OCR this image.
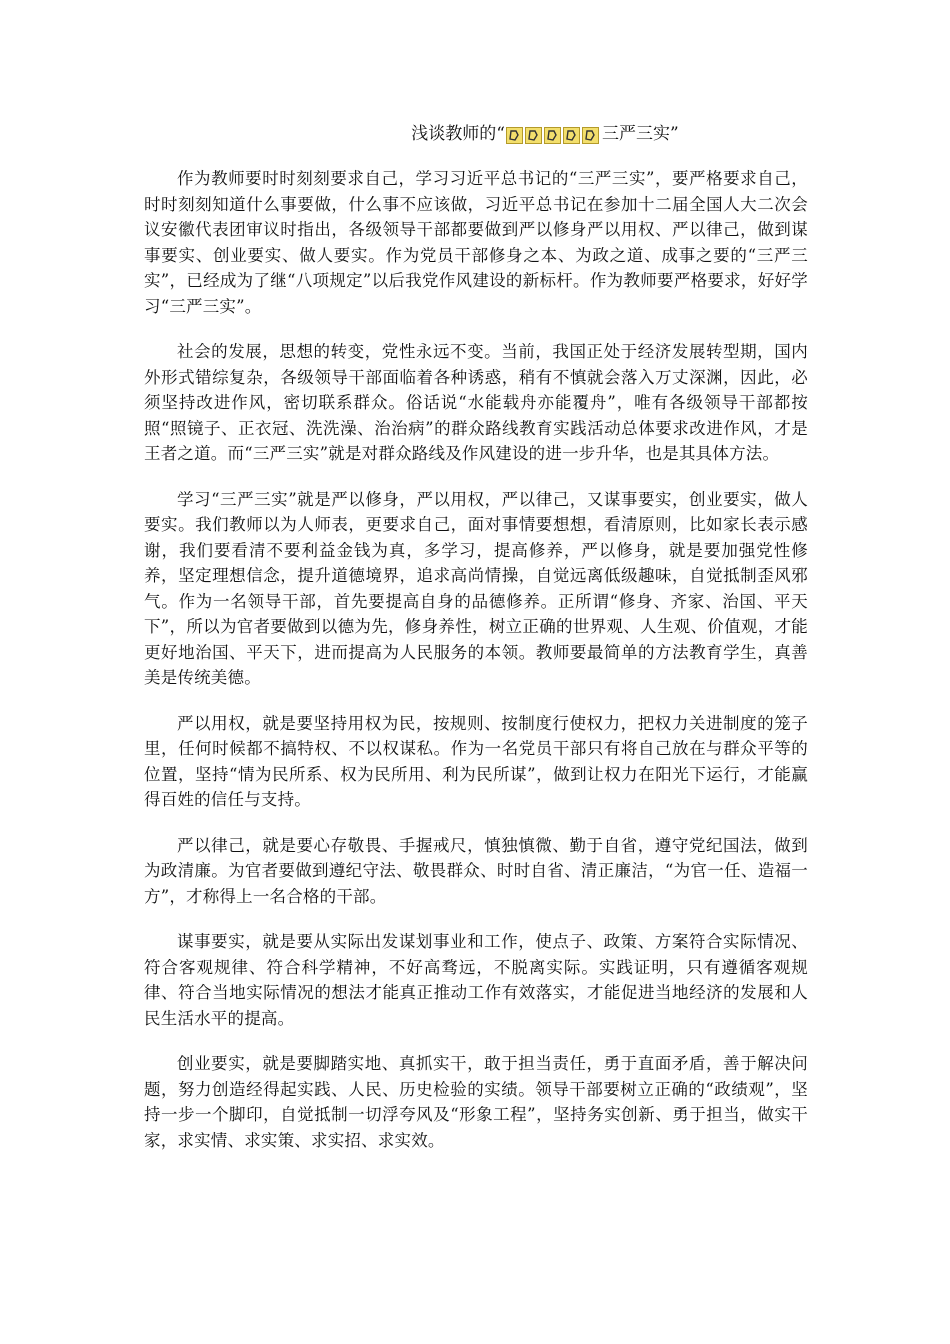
浅谈教师的“	三严三实”

作为教师要时时刻刻要求自己，学习习近平总书记的“三严三实”，要严格要求自己，时时刻刻知道什么事要做，什么事不应该做，习近平总书记在参加十二届全国人大二次会议安徽代表团审议时指出，各级领导干部都要做到严以修身严以用权、严以律己，做到谋事要实、创业要实、做人要实。作为党员干部修身之本、为政之道、成事之要的“三严三实”，已经成为了继“八项规定”以后我党作风建设的新标杆。作为教师要严格要求，好好学习“三严三实”。

社会的发展，思想的转变，党性永远不变。当前，我国正处于经济发展转型期，国内外形式错综复杂，各级领导干部面临着各种诱惑，稍有不慎就会落入万丈深渊，因此，必须坚持改进作风，密切联系群众。俗话说“水能载舟亦能覆舟”，唯有各级领导干部都按照“照镜子、正衣冠、洗洗澡、治治病”的群众路线教育实践活动总体要求改进作风，才是王者之道。而“三严三实”就是对群众路线及作风建设的进一步升华，也是其具体方法。

学习“三严三实”就是严以修身，严以用权，严以律己，又谋事要实，创业要实，做人要实。我们教师以为人师表，更要求自己，面对事情要想想，看清原则，比如家长表示感谢，我们要看清不要利益金钱为真，多学习，提高修养，严以修身，就是要加强党性修养，坚定理想信念，提升道德境界，追求高尚情操，自觉远离低级趣味，自觉抵制歪风邪气。作为一名领导干部，首先要提高自身的品德修养。正所谓“修身、齐家、治国、平天下”，所以为官者要做到以德为先，修身养性，树立正确的世界观、人生观、价值观，才能更好地治国、平天下，进而提高为人民服务的本领。教师要最简单的方法教育学生，真善美是传统美德。

严以用权，就是要坚持用权为民，按规则、按制度行使权力，把权力关进制度的笼子里，任何时候都不搞特权、不以权谋私。作为一名党员干部只有将自己放在与群众平等的位置，坚持“情为民所系、权为民所用、利为民所谋”，做到让权力在阳光下运行，才能赢得百姓的信任与支持。

严以律己，就是要心存敬畏、手握戒尺，慎独慎微、勤于自省，遵守党纪国法，做到为政清廉。为官者要做到遵纪守法、敬畏群众、时时自省、清正廉洁，“为官一任、造福一方”，才称得上一名合格的干部。

谋事要实，就是要从实际出发谋划事业和工作，使点子、政策、方案符合实际情况、符合客观规律、符合科学精神，不好高骛远，不脱离实际。实践证明，只有遵循客观规律、符合当地实际情况的想法才能真正推动工作有效落实，才能促进当地经济的发展和人民生活水平的提高。

创业要实，就是要脚踏实地、真抓实干，敢于担当责任，勇于直面矛盾，善于解决问题，努力创造经得起实践、人民、历史检验的实绩。领导干部要树立正确的“政绩观”，坚持一步一个脚印，自觉抵制一切浮夸风及“形象工程”，坚持务实创新、勇于担当，做实干家，求实情、求实策、求实招、求实效。
